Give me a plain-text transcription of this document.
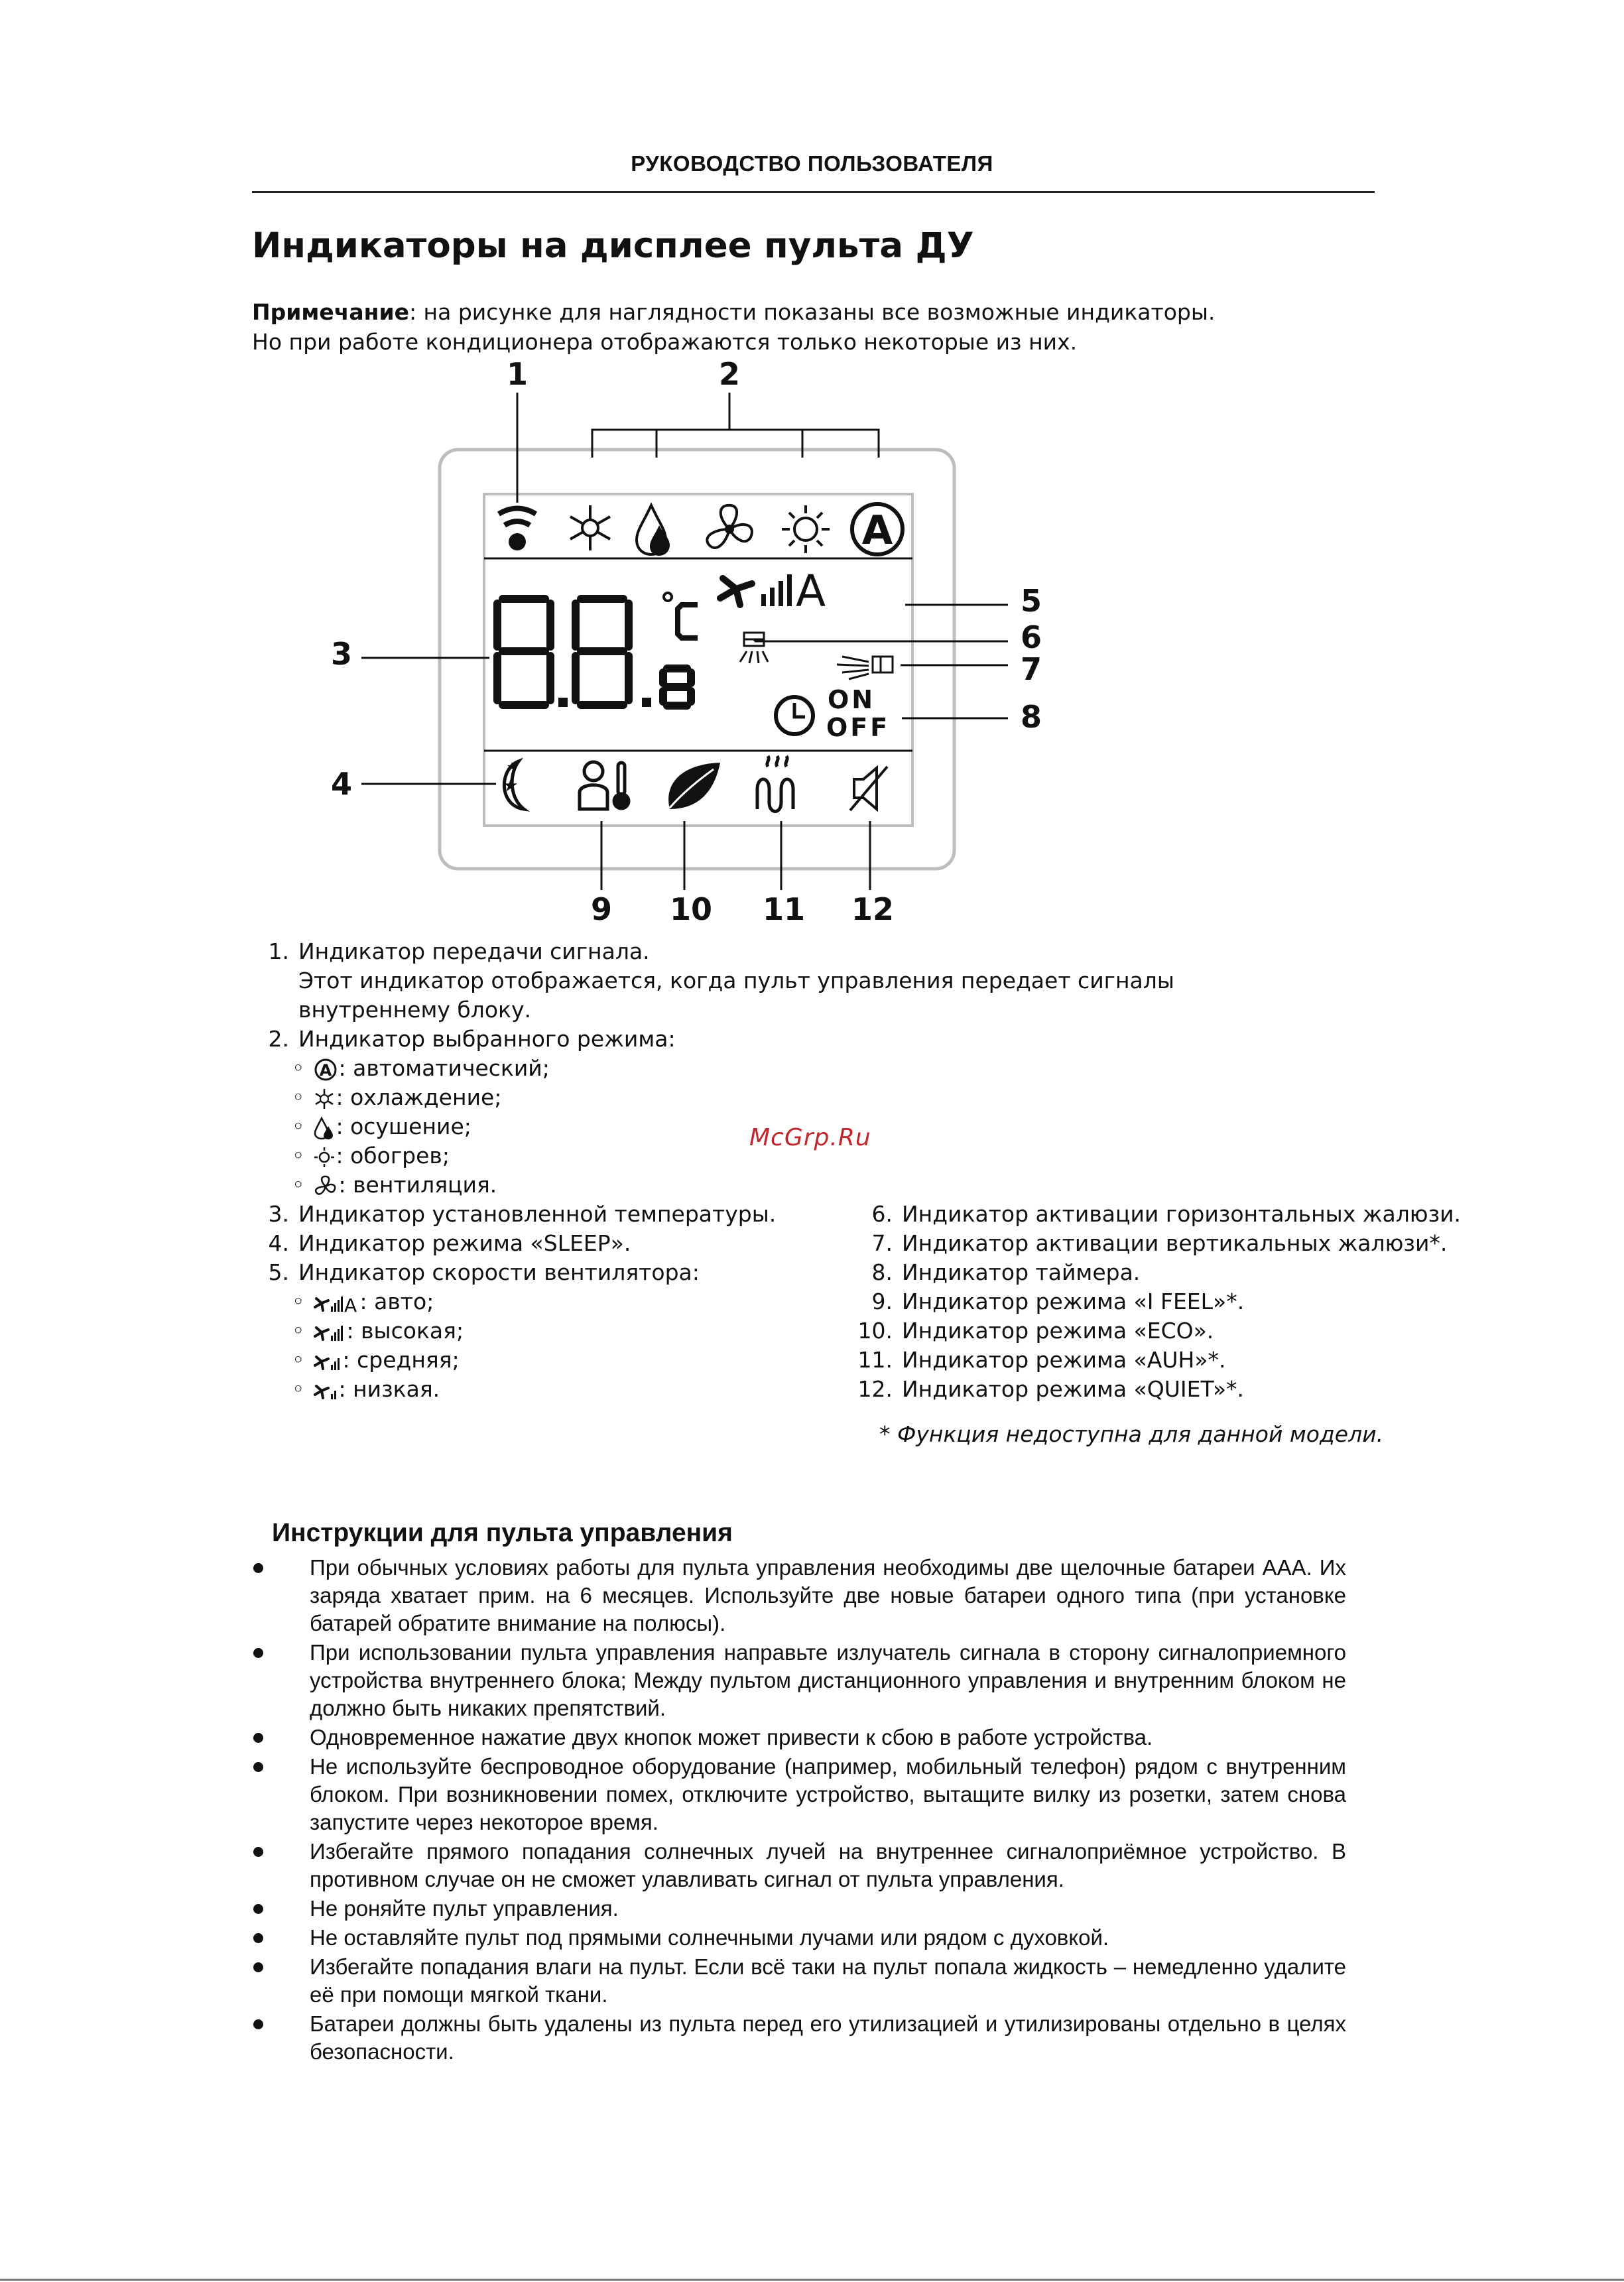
РУКОВОДСТВО ПОЛЬЗОВАТЕЛЯ
Индикаторы на дисплее пульта ДУ
Примечание: на рисунке для наглядности показаны все возможные индикаторы.
Но при работе кондиционера отображаются только некоторые из них.
1	2
3
4
5
6
7
8
9 10 11 12
A
A
ON
OFF
★
★
1. Индикатор передачи сигнала.
Этот индикатор отображается, когда пульт управления передает сигналы
внутреннему блоку.
2. Индикатор выбранного режима:
◦ A : автоматический;
◦ : охлаждение;
◦ : осушение;
◦ : обогрев;
◦ : вентиляция.
3. Индикатор установленной температуры.
4. Индикатор режима «SLEEP».
5. Индикатор скорости вентилятора:
◦ A : авто;
◦ : высокая;
◦ : средняя;
◦ : низкая.
6. Индикатор активации горизонтальных жалюзи.
7. Индикатор активации вертикальных жалюзи*.
8. Индикатор таймера.
9. Индикатор режима «I FEEL»*.
10. Индикатор режима «ECO».
11. Индикатор режима «AUH»*.
12. Индикатор режима «QUIET»*.
McGrp.Ru
* Функция недоступна для данной модели.
Инструкции для пульта управления
При обычных условиях работы для пульта управления необходимы две щелочные батареи AAA. Их заряда хватает прим. на 6 месяцев. Используйте две новые батареи одного типа (при установке батарей обратите внимание на полюсы).
При использовании пульта управления направьте излучатель сигнала в сторону сигналоприемного устройства внутреннего блока; Между пультом дистанционного управления и внутренним блоком не должно быть никаких препятствий.
Одновременное нажатие двух кнопок может привести к сбою в работе устройства.
Не используйте беспроводное оборудование (например, мобильный телефон) рядом с внутренним блоком. При возникновении помех, отключите устройство, вытащите вилку из розетки, затем снова запустите через некоторое время.
Избегайте прямого попадания солнечных лучей на внутреннее сигналоприёмное устройство. В противном случае он не сможет улавливать сигнал от пульта управления.
Не роняйте пульт управления.
Не оставляйте пульт под прямыми солнечными лучами или рядом с духовкой.
Избегайте попадания влаги на пульт. Если всё таки на пульт попала жидкость – немедленно удалите её при помощи мягкой ткани.
Батареи должны быть удалены из пульта перед его утилизацией и утилизированы отдельно в целях безопасности.
